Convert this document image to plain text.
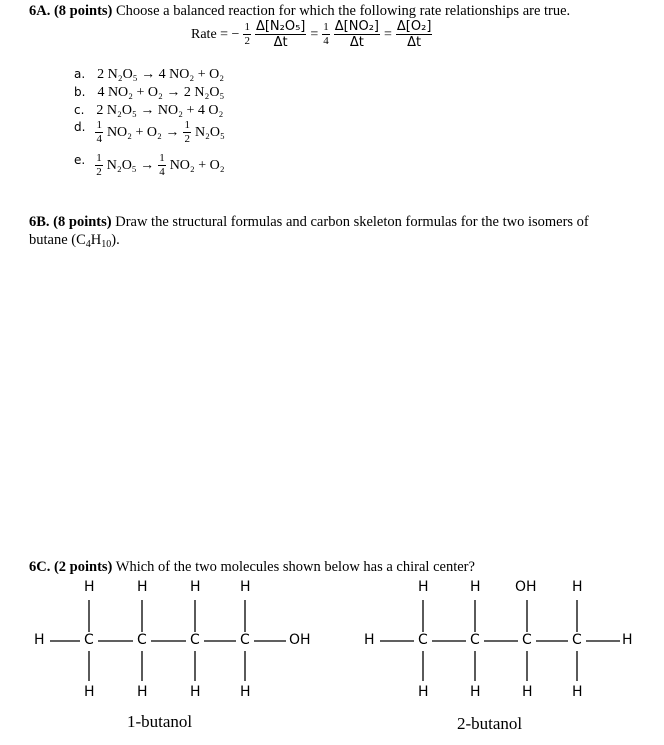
6A. (8 points) Choose a balanced reaction for which the following rate relationships are true.
Rate = − $\frac{1}{2} \frac{\text{Δ[N₂O₅]}}{\Delta t} = \frac{1}{4} \frac{\text{Δ[NO₂]}}{\Delta t} = \frac{\text{Δ[O₂]}}{\Delta t}$
a. 2 N₂O₅ → 4 NO₂ + O₂
b. 4 NO₂ + O₂ → 2 N₂O₅
c. 2 N₂O₅ → NO₂ + 4 O₂
d. $\frac{1}{4} NO_2 + O_2 \to \frac{1}{2} N_2O_5$
e. $\frac{1}{2} N_2O_5 \to \frac{1}{4} NO_2 + O_2$
6B. (8 points) Draw the structural formulas and carbon skeleton formulas for the two isomers of
butane $(C_4H_{10})$.
6C. (2 points) Which of the two molecules shown below has a chiral center?
H	H	H	H
H	C	C	C	C	OH
H	H	H	H
1-butanol
H	H OH	H
H	C	C	C	C	H
H	H	H	H
2-butanol
